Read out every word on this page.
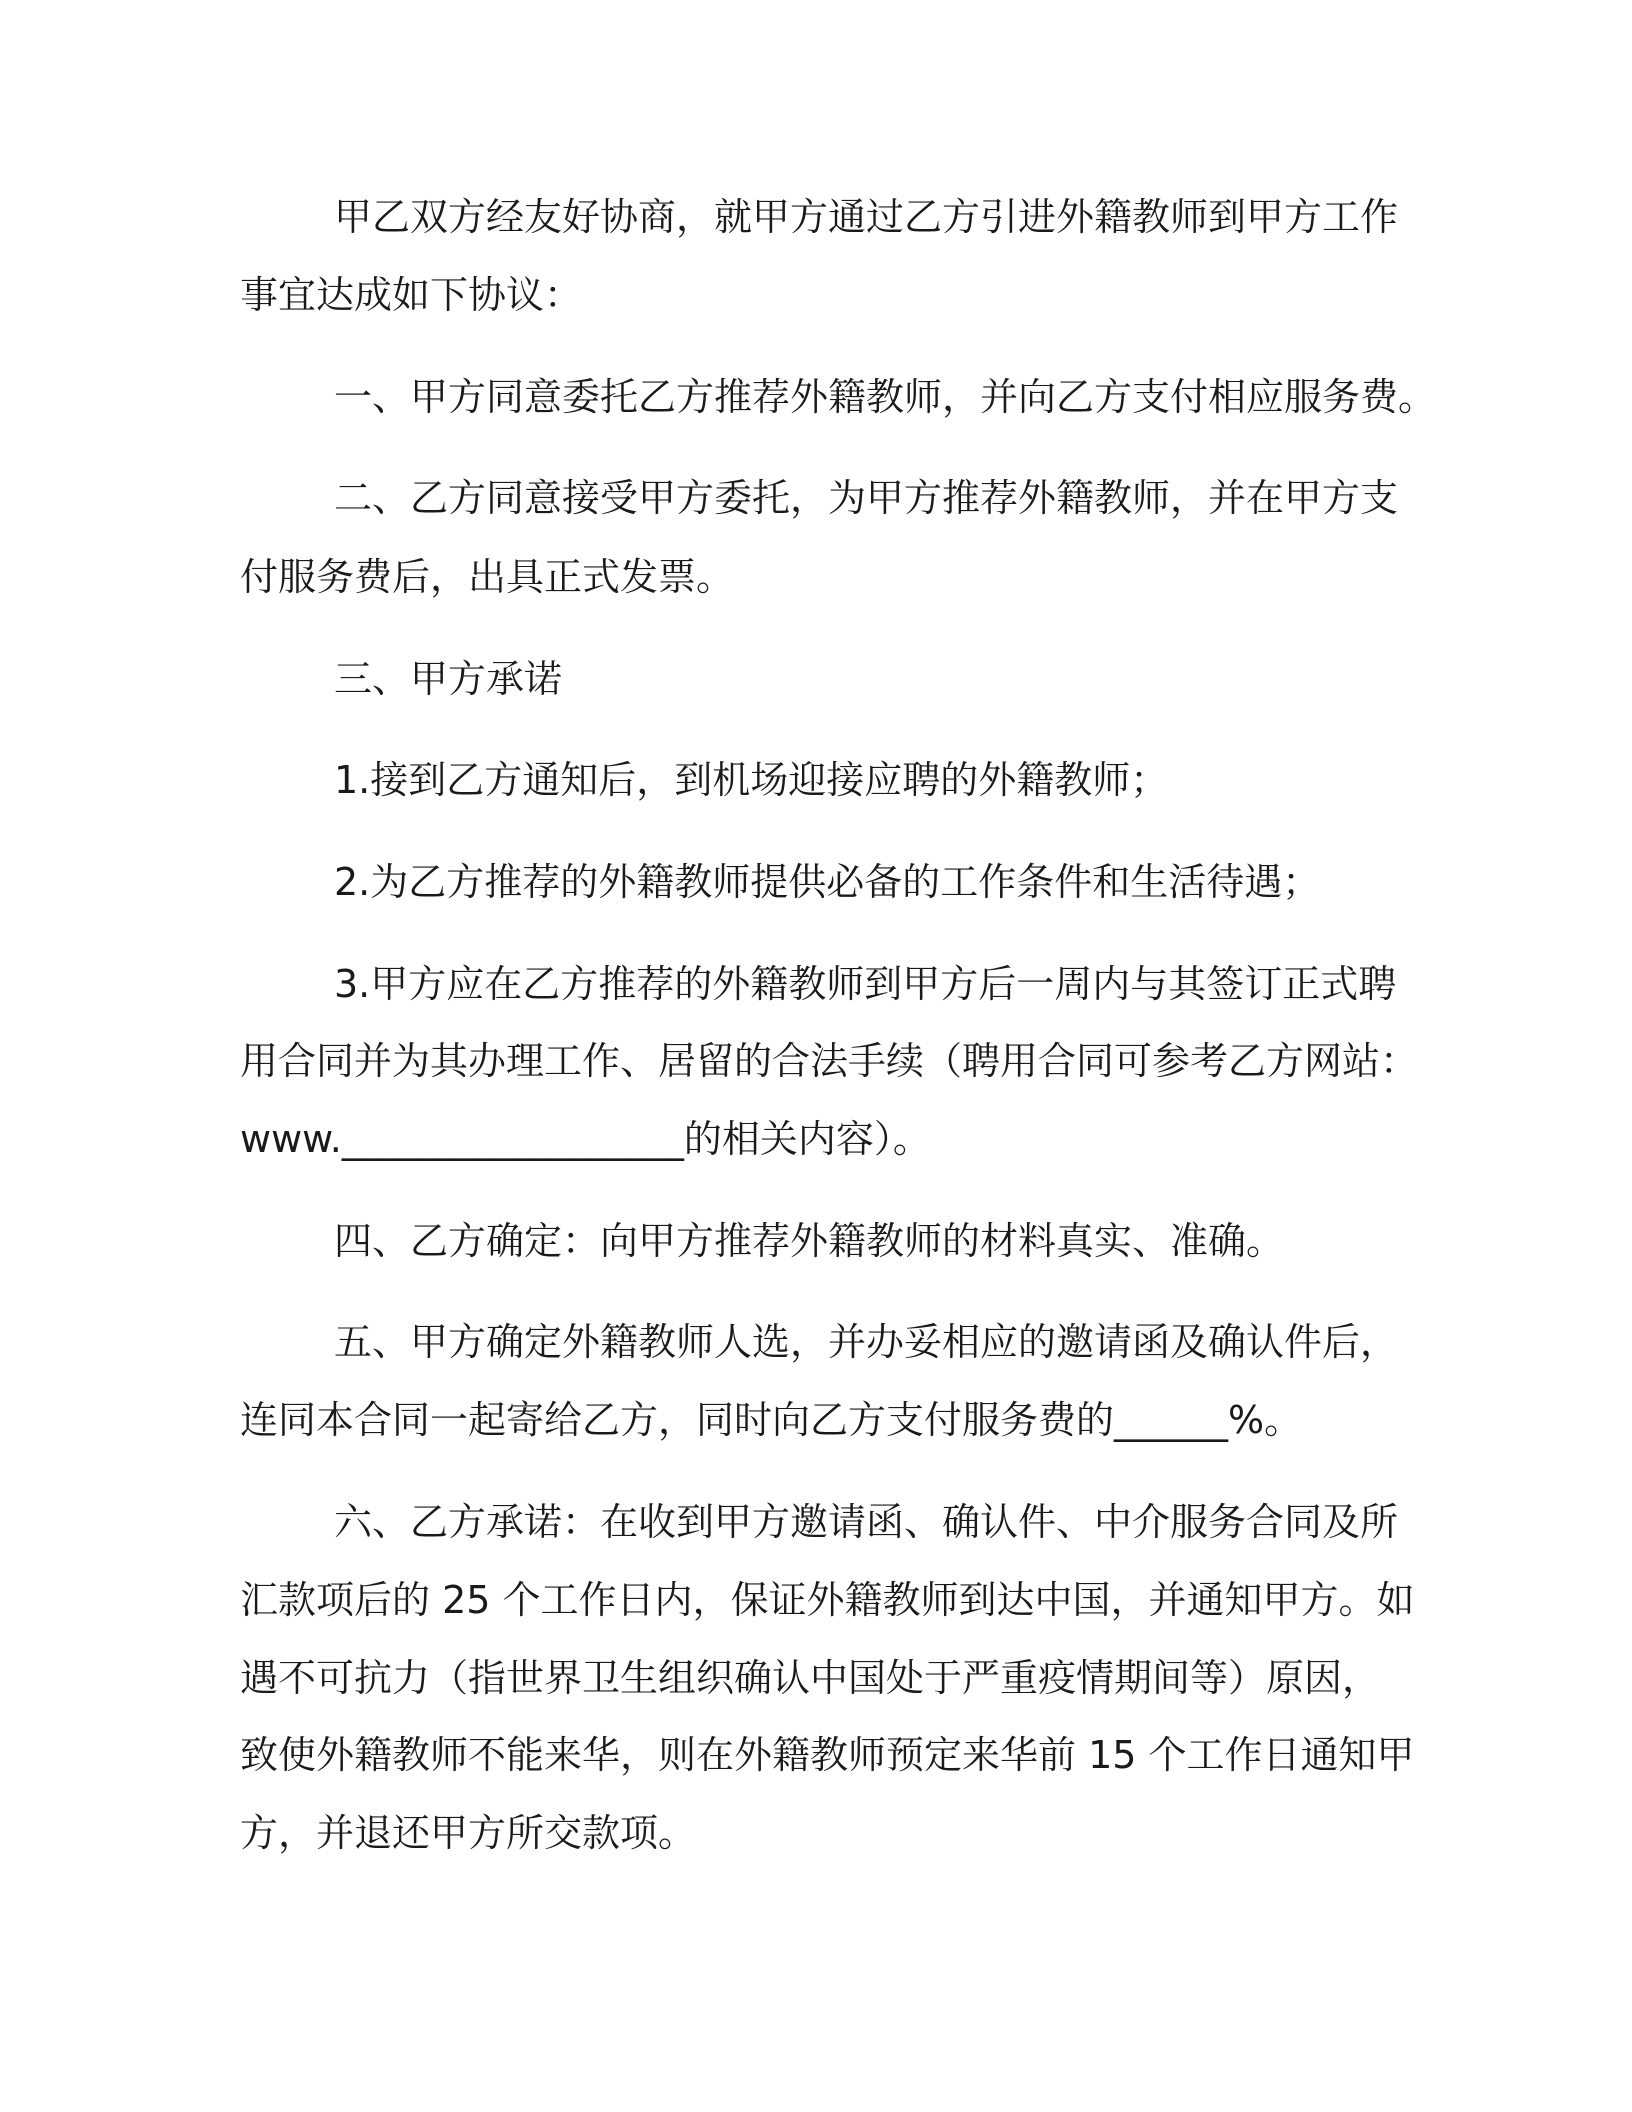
甲乙双方经友好协商，就甲方通过乙方引进外籍教师到甲方工作

事宜达成如下协议：

一、甲方同意委托乙方推荐外籍教师，并向乙方支付相应服务费。

二、乙方同意接受甲方委托，为甲方推荐外籍教师，并在甲方支

付服务费后，出具正式发票。

三、甲方承诺

1.接到乙方通知后，到机场迎接应聘的外籍教师；

2.为乙方推荐的外籍教师提供必备的工作条件和生活待遇；

3.甲方应在乙方推荐的外籍教师到甲方后一周内与其签订正式聘

用合同并为其办理工作、居留的合法手续（聘用合同可参考乙方网站：

www.__________________的相关内容）。

四、乙方确定：向甲方推荐外籍教师的材料真实、准确。

五、甲方确定外籍教师人选，并办妥相应的邀请函及确认件后，

连同本合同一起寄给乙方，同时向乙方支付服务费的______%。

六、乙方承诺：在收到甲方邀请函、确认件、中介服务合同及所

汇款项后的 25 个工作日内，保证外籍教师到达中国，并通知甲方。如

遇不可抗力（指世界卫生组织确认中国处于严重疫情期间等）原因，

致使外籍教师不能来华，则在外籍教师预定来华前 15 个工作日通知甲

方，并退还甲方所交款项。
